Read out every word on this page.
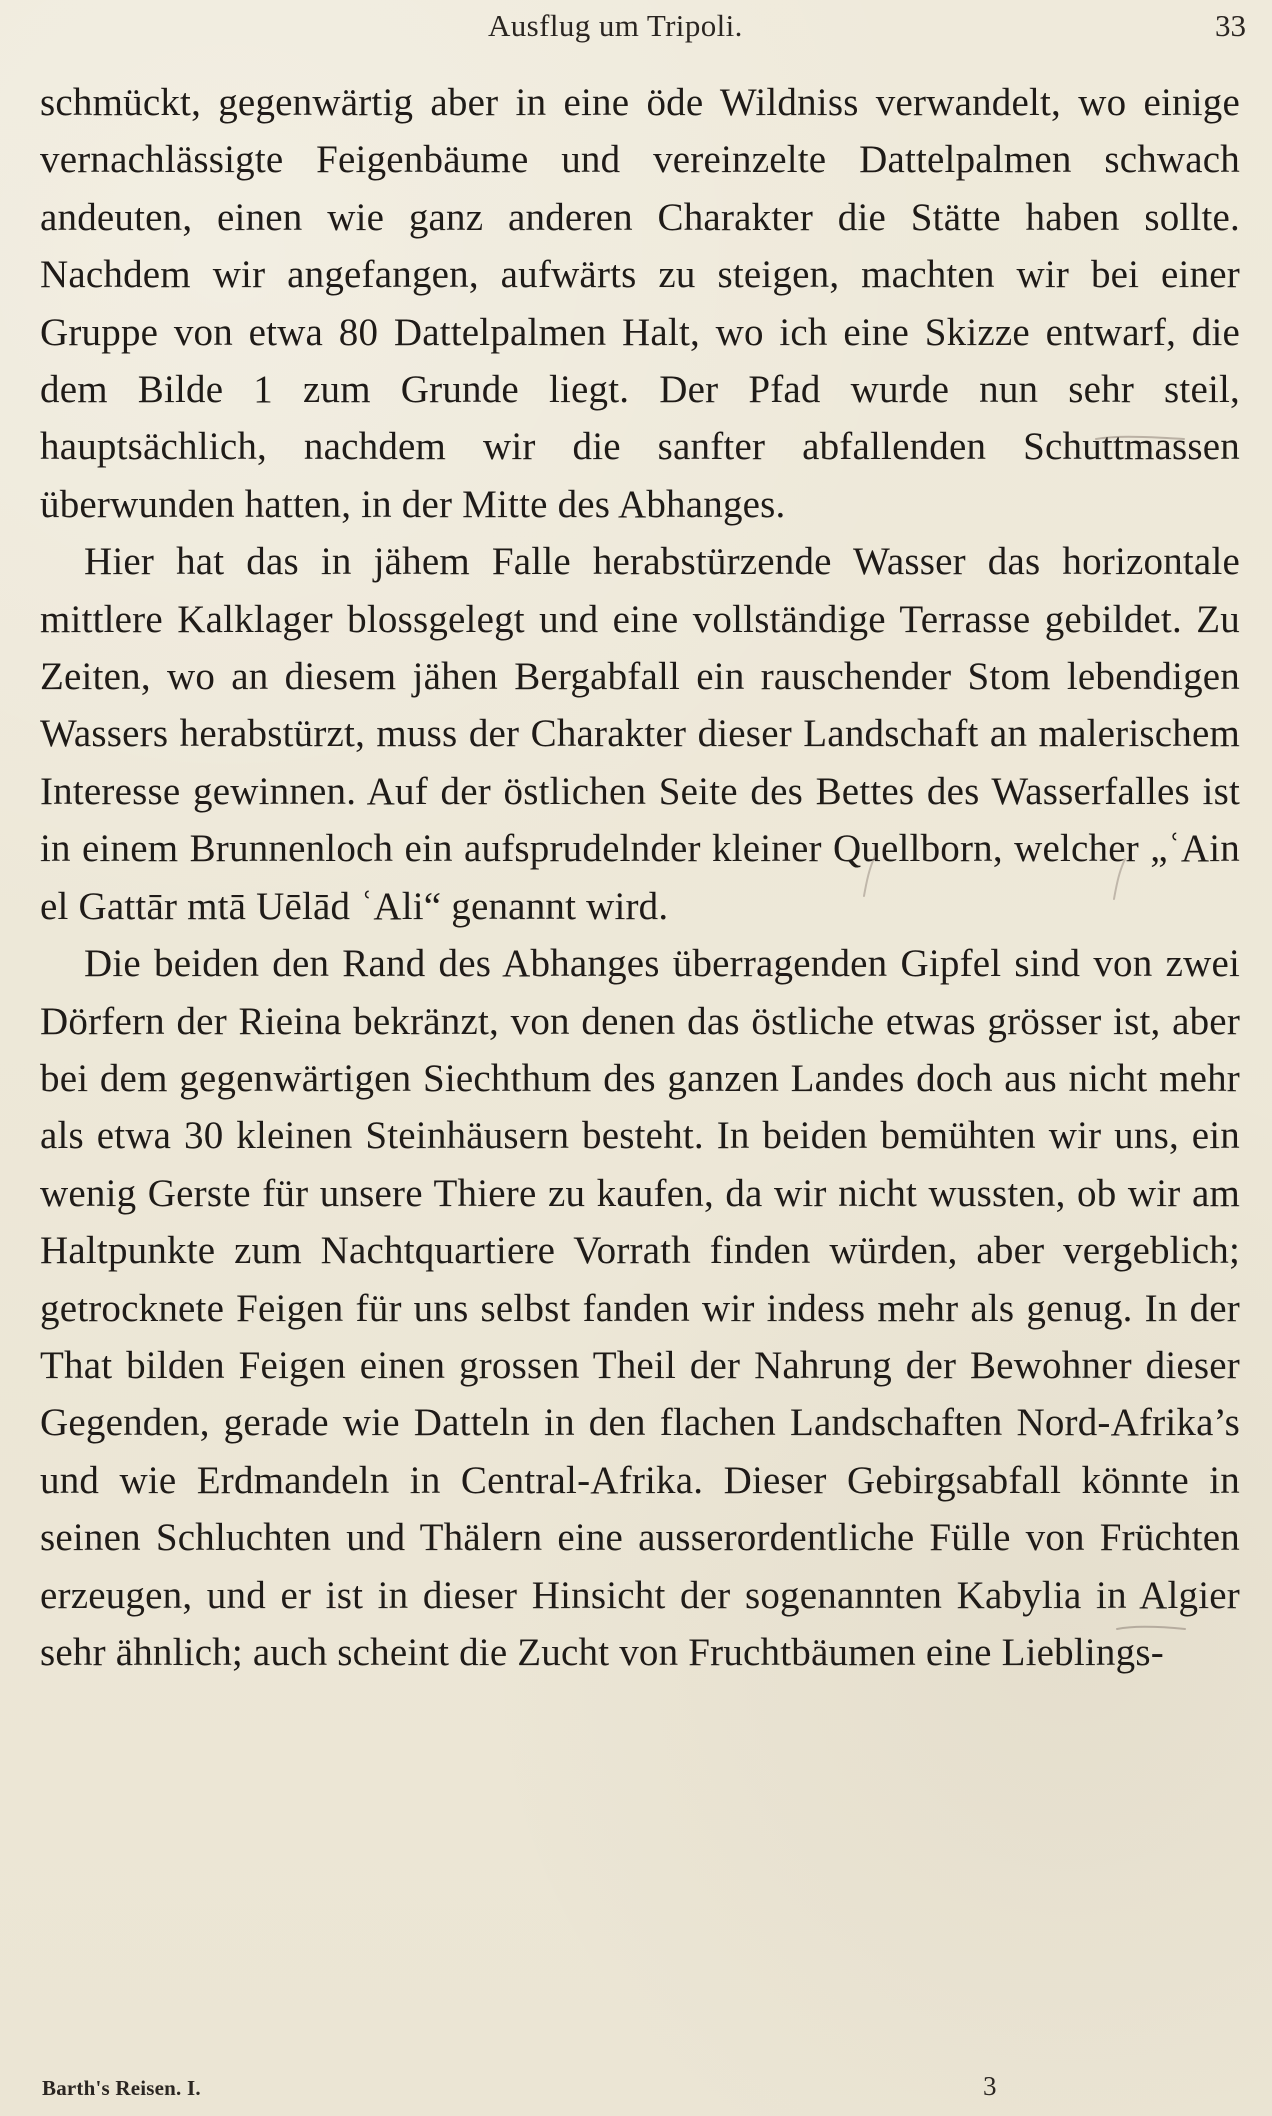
Ausflug um Tripoli.	33

schmückt, gegenwärtig aber in eine öde Wildniss verwandelt, wo einige vernachlässigte Feigenbäume und vereinzelte Dattelpalmen schwach andeuten, einen wie ganz anderen Charakter die Stätte haben sollte. Nachdem wir angefangen, aufwärts zu steigen, machten wir bei einer Gruppe von etwa 80 Dattelpalmen Halt, wo ich eine Skizze entwarf, die dem Bilde 1 zum Grunde liegt. Der Pfad wurde nun sehr steil, hauptsächlich, nachdem wir die sanfter abfallenden Schuttmassen überwunden hatten, in der Mitte des Abhanges.

Hier hat das in jähem Falle herabstürzende Wasser das horizontale mittlere Kalklager blossgelegt und eine vollständige Terrasse gebildet. Zu Zeiten, wo an diesem jähen Bergabfall ein rauschender Stom lebendigen Wassers herabstürzt, muss der Charakter dieser Landschaft an malerischem Interesse gewinnen. Auf der östlichen Seite des Bettes des Wasserfalles ist in einem Brunnenloch ein aufsprudelnder kleiner Quellborn, welcher „ʿAin el Gattār mtā Uēlād ʿAli“ genannt wird.

Die beiden den Rand des Abhanges überragenden Gipfel sind von zwei Dörfern der Rieina bekränzt, von denen das östliche etwas grösser ist, aber bei dem gegenwärtigen Siechthum des ganzen Landes doch aus nicht mehr als etwa 30 kleinen Steinhäusern besteht. In beiden bemühten wir uns, ein wenig Gerste für unsere Thiere zu kaufen, da wir nicht wussten, ob wir am Haltpunkte zum Nachtquartiere Vorrath finden würden, aber vergeblich; getrocknete Feigen für uns selbst fanden wir indess mehr als genug. In der That bilden Feigen einen grossen Theil der Nahrung der Bewohner dieser Gegenden, gerade wie Datteln in den flachen Landschaften Nord-Afrika’s und wie Erdmandeln in Central-Afrika. Dieser Gebirgsabfall könnte in seinen Schluchten und Thälern eine ausserordentliche Fülle von Früchten erzeugen, und er ist in dieser Hinsicht der sogenannten Kabylia in Algier sehr ähnlich; auch scheint die Zucht von Fruchtbäumen eine Lieblings-

Barth's Reisen. I.	3
